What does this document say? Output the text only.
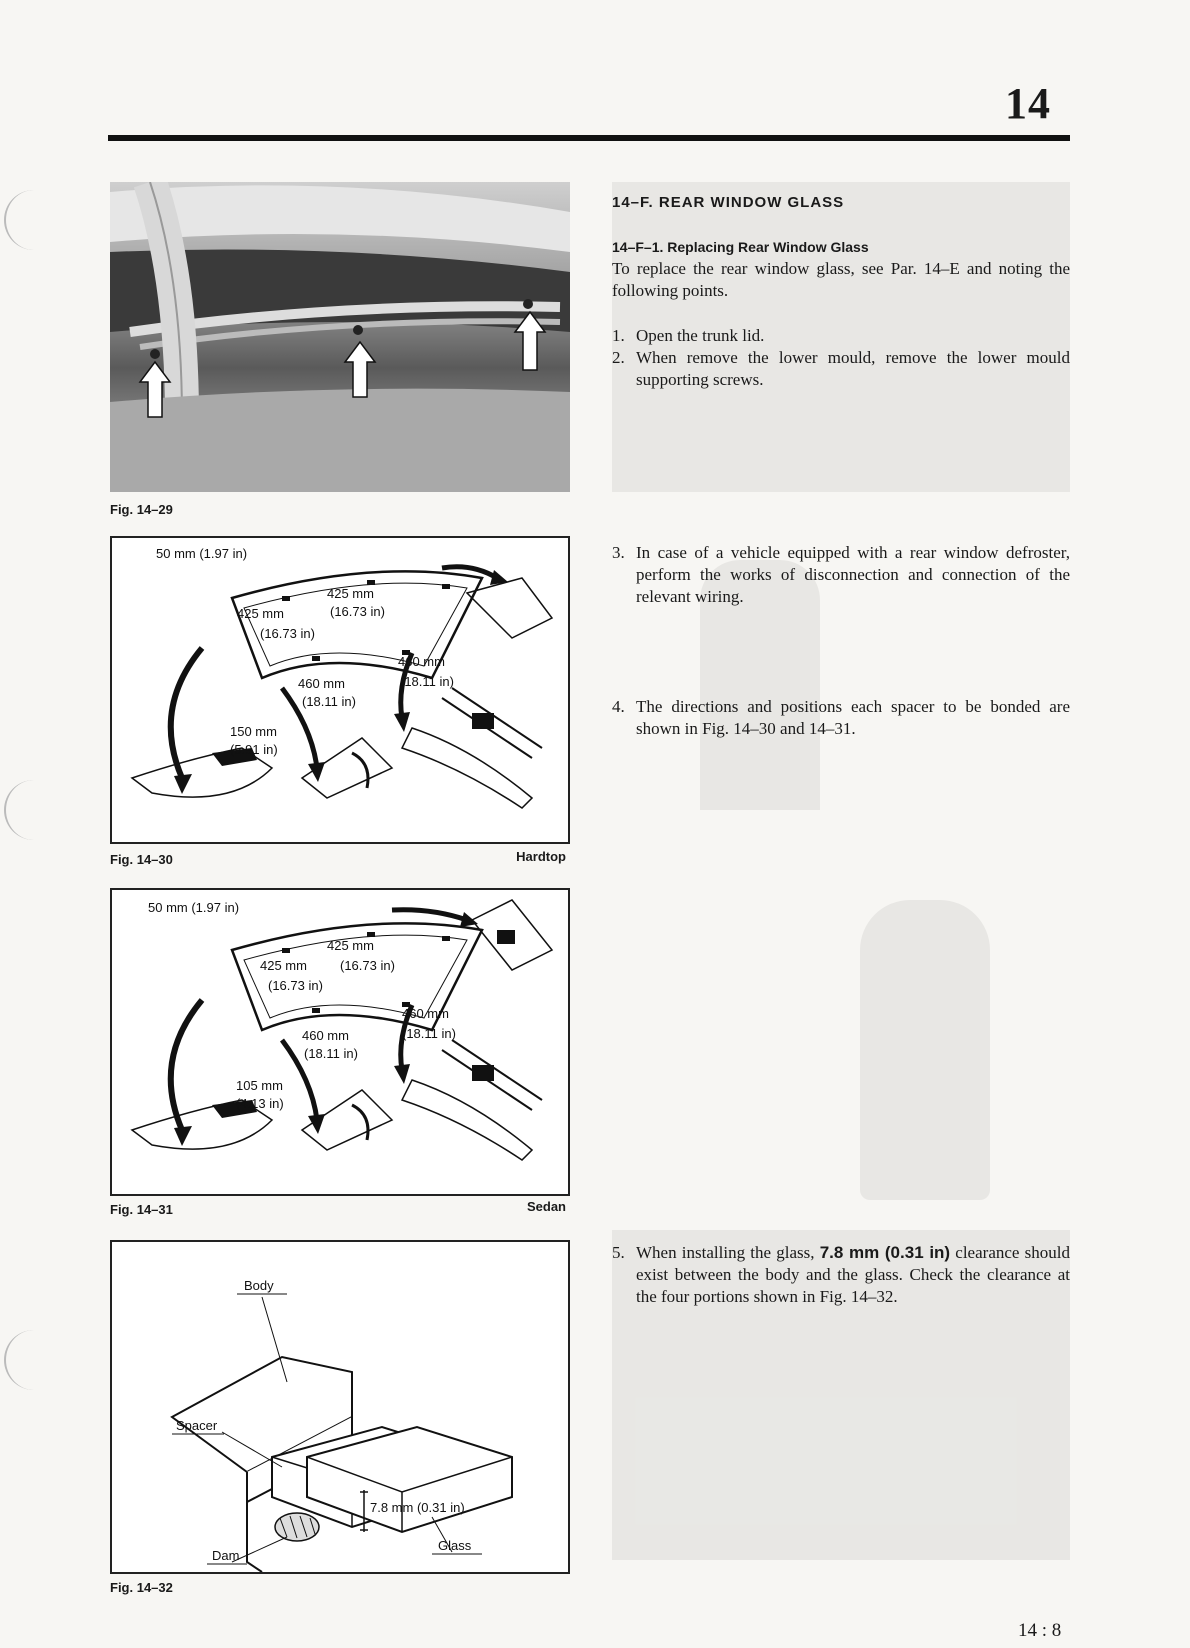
14
Fig. 14–29
50 mm (1.97 in)
425 mm
425 mm	(16.73 in)
(16.73 in)
460 mm
460 mm	(18.11 in)
(18.11 in)
150 mm
(5.91 in)
Fig. 14–30	Hardtop
50 mm (1.97 in)
425 mm
425 mm	(16.73 in)
(16.73 in)
460 mm
460 mm	(18.11 in)
(18.11 in)
105 mm
(4.13 in)
Fig. 14–31	Sedan
Body
Spacer
7.8 mm (0.31 in)
Dam
Glass
Fig. 14–32
14–F. REAR WINDOW GLASS
14–F–1. Replacing Rear Window Glass
To replace the rear window glass, see Par. 14–E and noting the following points.
1. Open the trunk lid.
2. When remove the lower mould, remove the lower mould supporting screws.
3. In case of a vehicle equipped with a rear window defroster, perform the works of disconnection and connection of the relevant wiring.
4. The directions and positions each spacer to be bonded are shown in Fig. 14–30 and 14–31.
5. When installing the glass, 7.8 mm (0.31 in) clearance should exist between the body and the glass. Check the clearance at the four portions shown in Fig. 14–32.
14 : 8
